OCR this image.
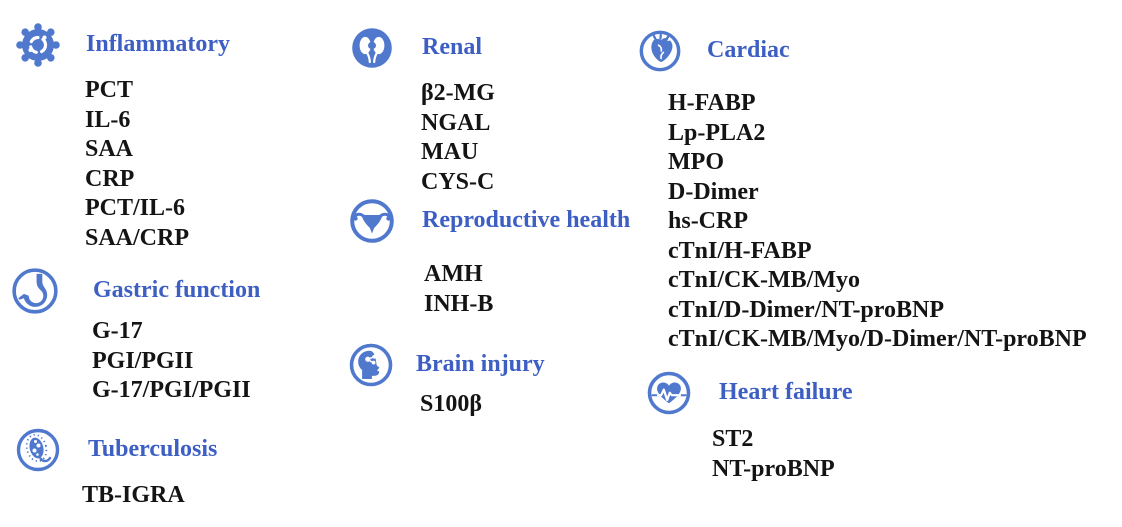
Inflammatory
PCT
IL-6
SAA
CRP
PCT/IL-6
SAA/CRP
Gastric function
G-17
PGI/PGII
G-17/PGI/PGII
Tuberculosis
TB-IGRA
Renal
β2-MG
NGAL
MAU
CYS-C
Reproductive health
AMH
INH-B
Brain injury
S100β
Cardiac
H-FABP
Lp-PLA2
MPO
D-Dimer
hs-CRP
cTnI/H-FABP
cTnI/CK-MB/Myo
cTnI/D-Dimer/NT-proBNP
cTnI/CK-MB/Myo/D-Dimer/NT-proBNP
Heart failure
ST2
NT-proBNP
